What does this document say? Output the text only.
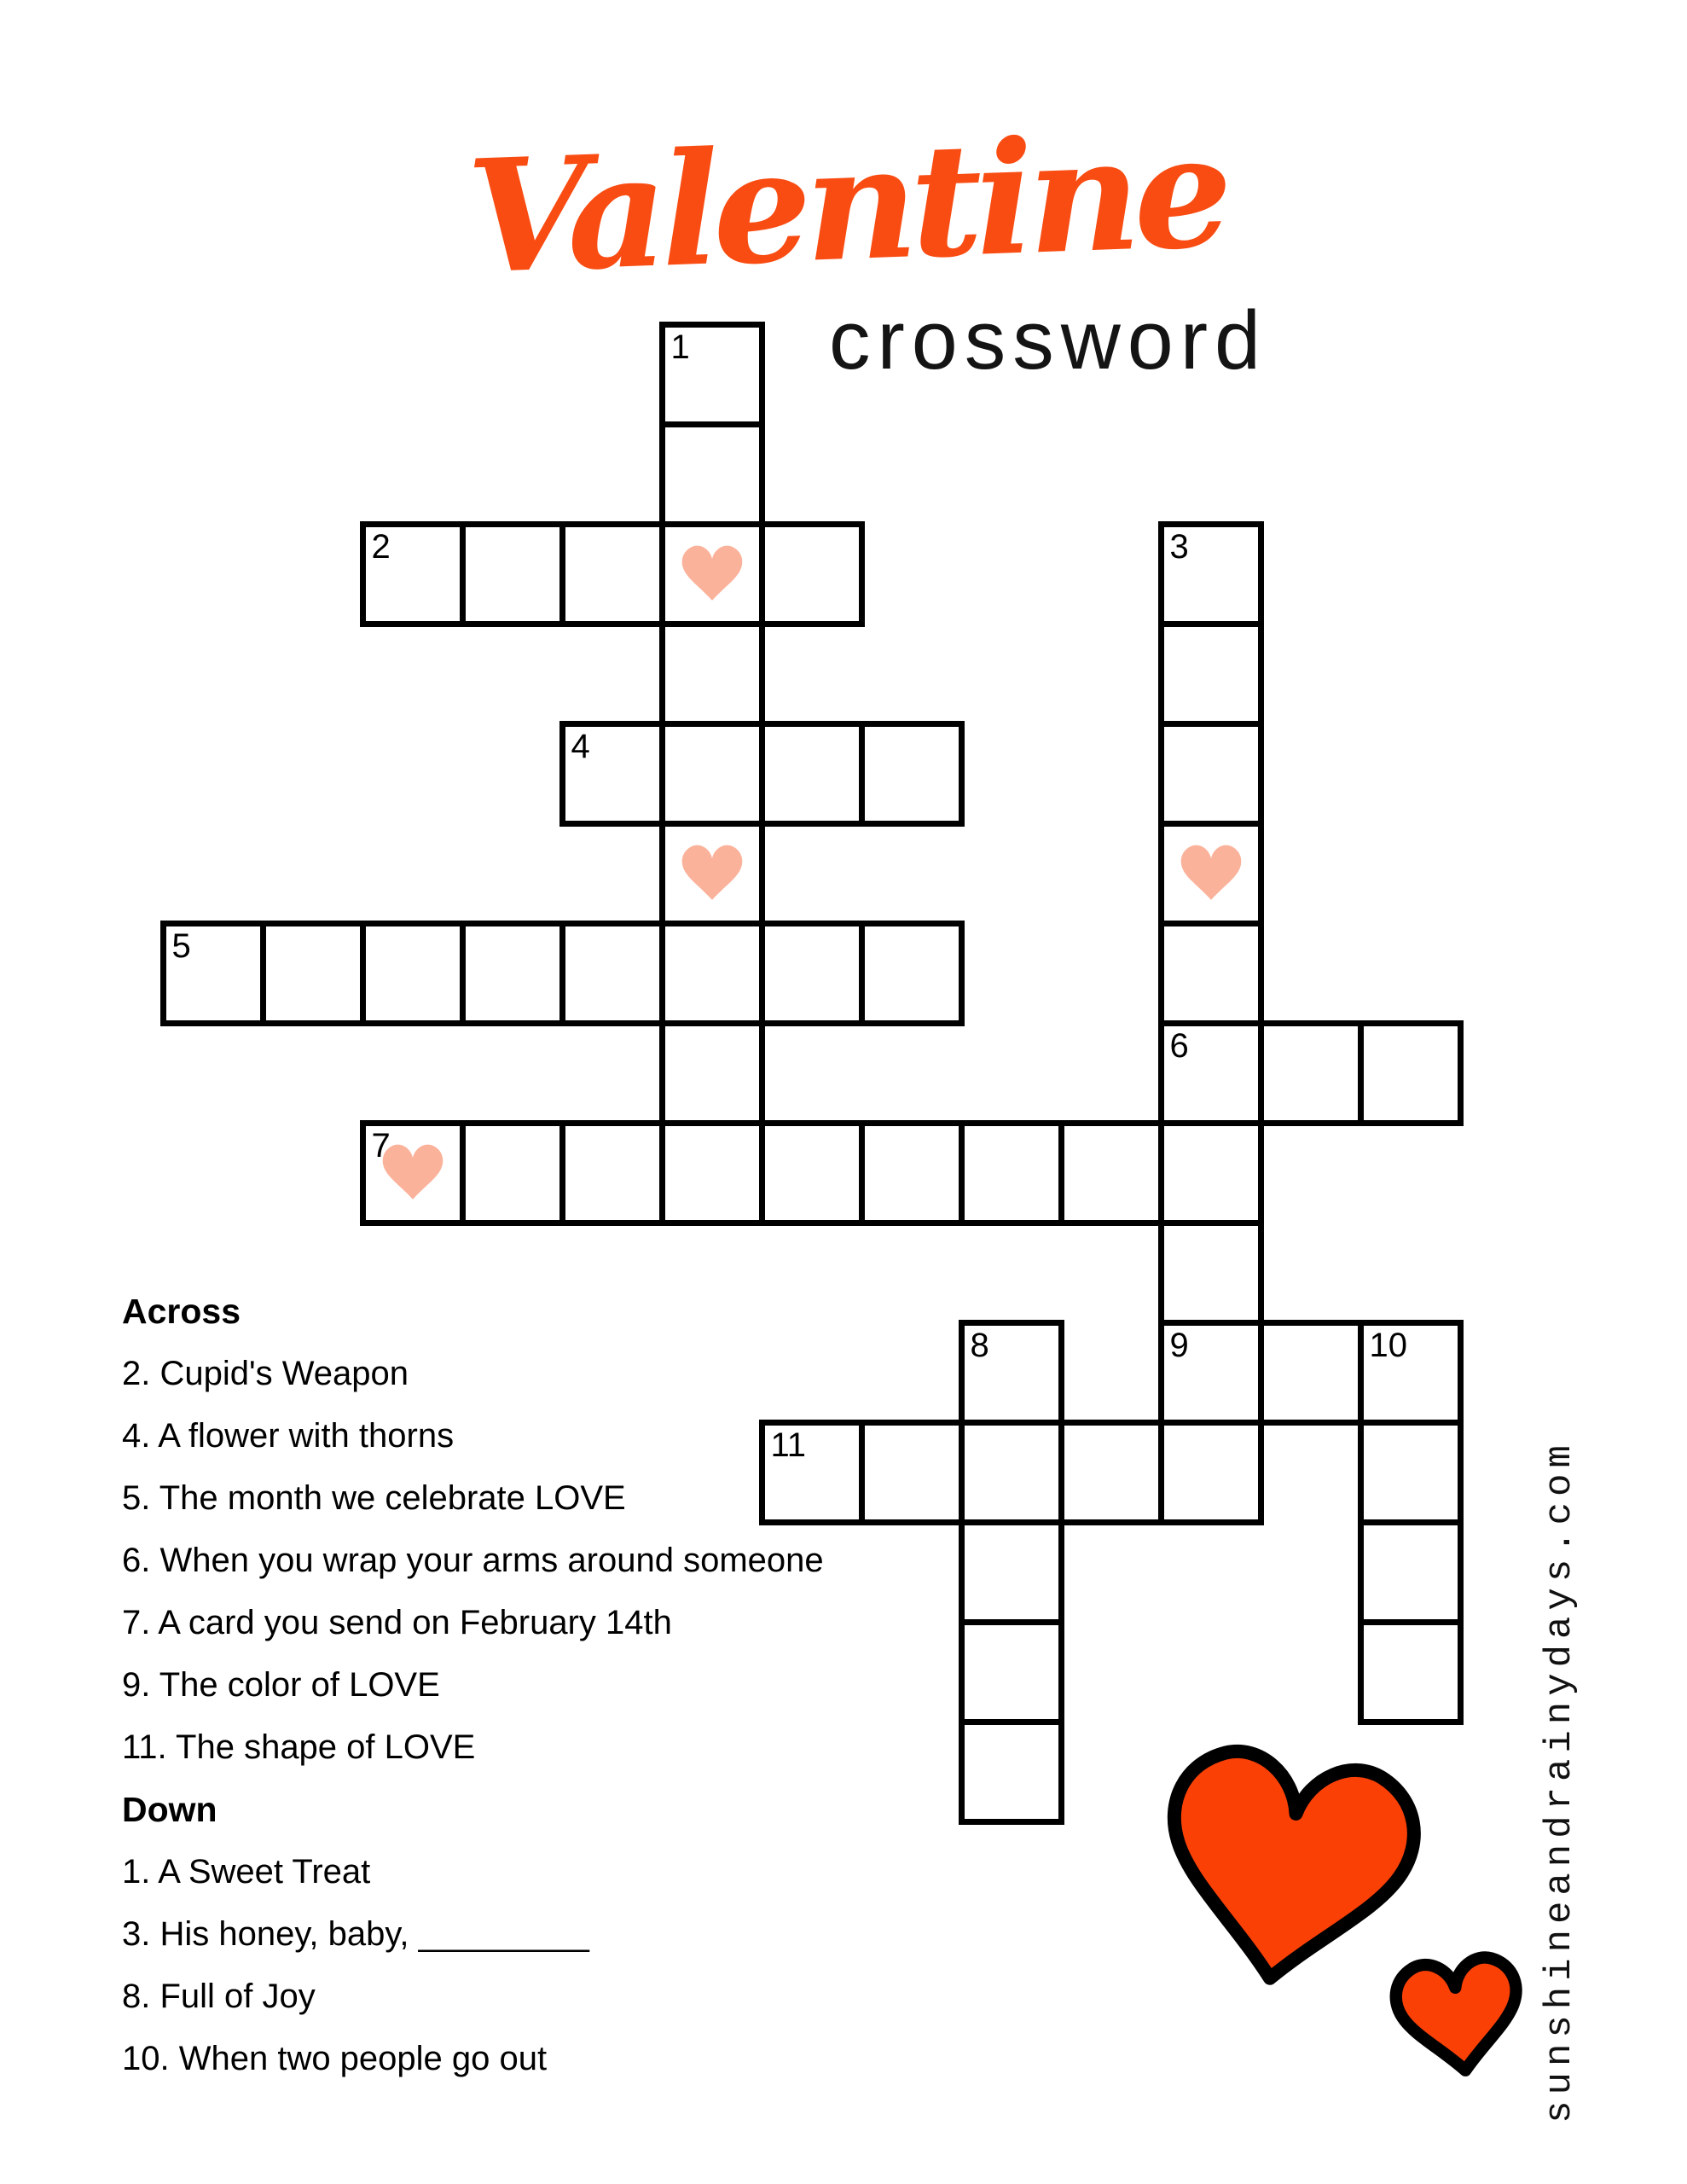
Valentine
crossword
1
2	3
4
5
6
7
8	9	10
11
Across
2. Cupid's Weapon
4. A flower with thorns
5. The month we celebrate LOVE
6. When you wrap your arms around someone
7. A card you send on February 14th
9. The color of LOVE
11. The shape of LOVE
Down
1. A Sweet Treat
3. His honey, baby, _________
8. Full of Joy
10. When two people go out	sunshineandrainydays.com
